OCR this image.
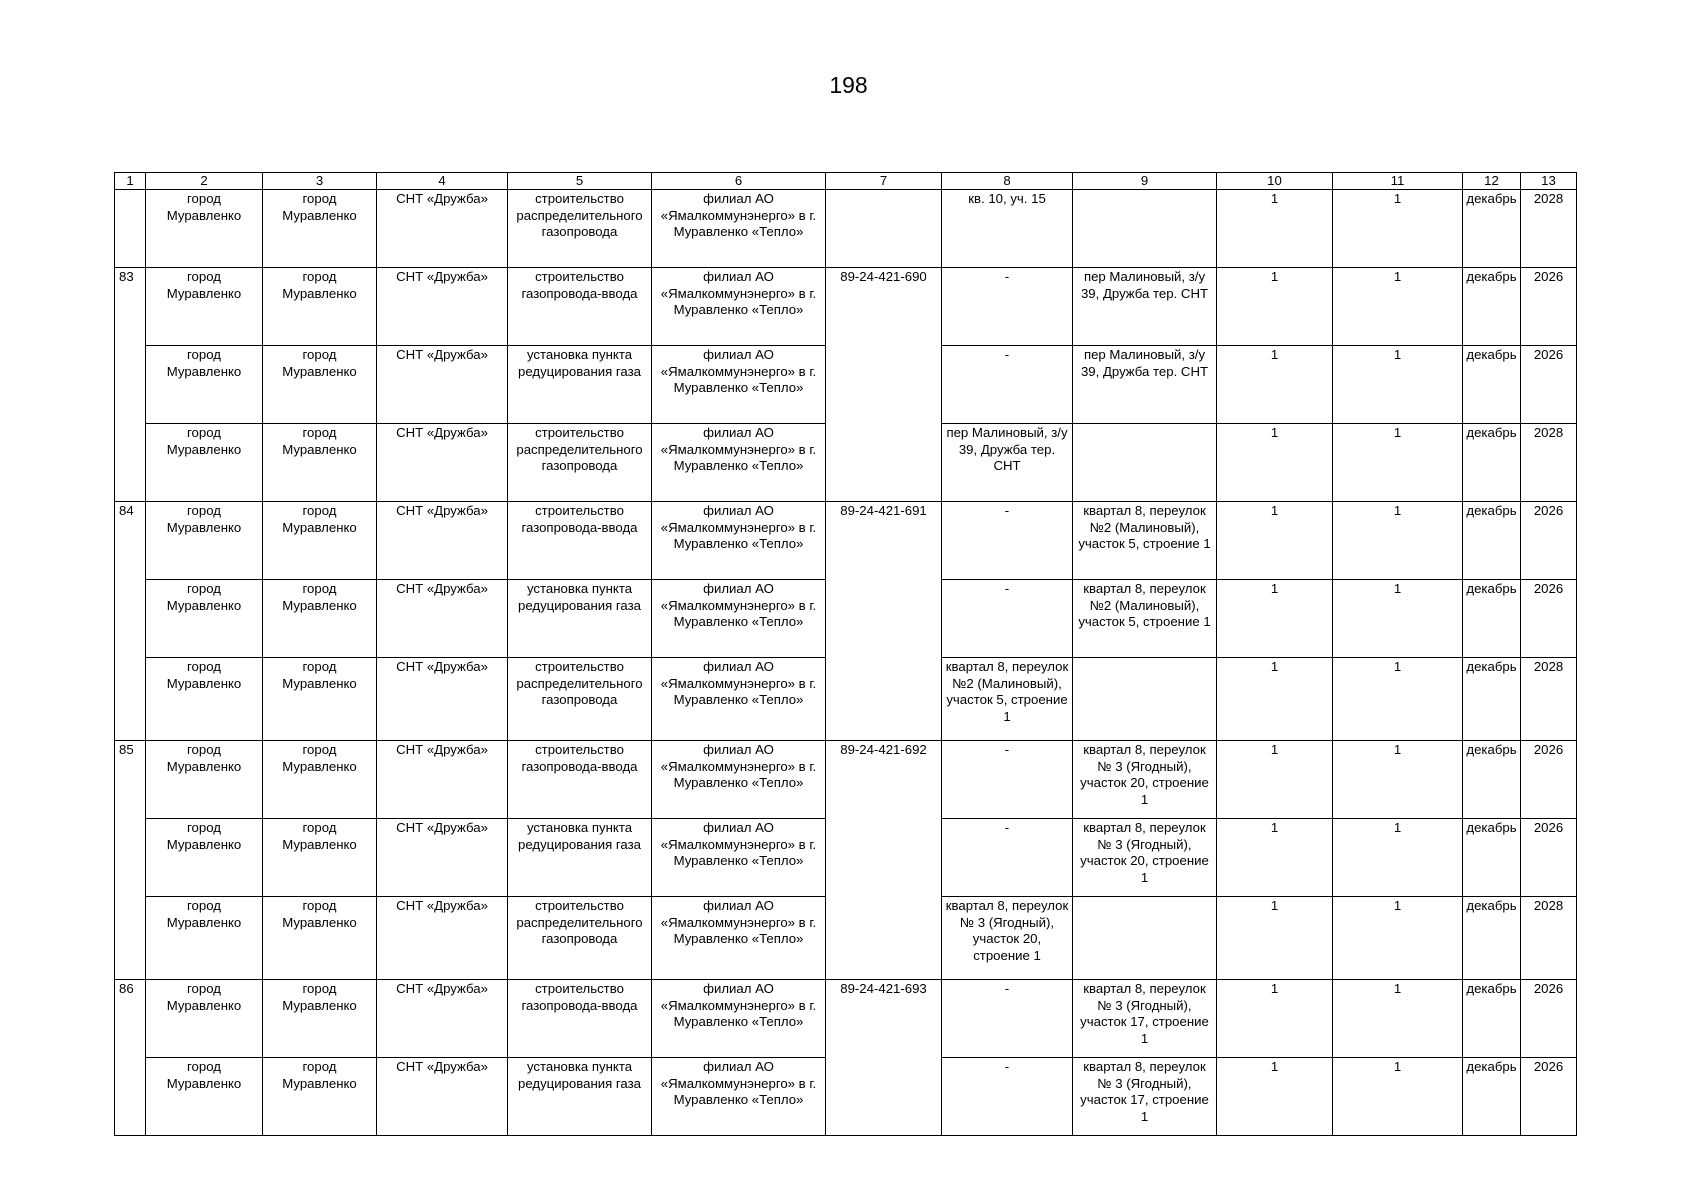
198
1	2	3	4	5	6	7	8	9	10	11	12	13
	город Муравленко	город Муравленко	СНТ «Дружба»	строительство распределительного газопровода	филиал АО «Ямалкоммунэнерго» в г. Муравленко «Тепло»		кв. 10, уч. 15		1	1	декабрь	2028
83	город Муравленко	город Муравленко	СНТ «Дружба»	строительство газопровода-ввода	филиал АО «Ямалкоммунэнерго» в г. Муравленко «Тепло»	89-24-421-690	-	пер Малиновый, з/у 39, Дружба тер. СНТ	1	1	декабрь	2026
	город Муравленко	город Муравленко	СНТ «Дружба»	установка пункта редуцирования газа	филиал АО «Ямалкоммунэнерго» в г. Муравленко «Тепло»		-	пер Малиновый, з/у 39, Дружба тер. СНТ	1	1	декабрь	2026
	город Муравленко	город Муравленко	СНТ «Дружба»	строительство распределительного газопровода	филиал АО «Ямалкоммунэнерго» в г. Муравленко «Тепло»		пер Малиновый, з/у 39, Дружба тер. СНТ		1	1	декабрь	2028
84	город Муравленко	город Муравленко	СНТ «Дружба»	строительство газопровода-ввода	филиал АО «Ямалкоммунэнерго» в г. Муравленко «Тепло»	89-24-421-691	-	квартал 8, переулок №2 (Малиновый), участок 5, строение 1	1	1	декабрь	2026
	город Муравленко	город Муравленко	СНТ «Дружба»	установка пункта редуцирования газа	филиал АО «Ямалкоммунэнерго» в г. Муравленко «Тепло»		-	квартал 8, переулок №2 (Малиновый), участок 5, строение 1	1	1	декабрь	2026
	город Муравленко	город Муравленко	СНТ «Дружба»	строительство распределительного газопровода	филиал АО «Ямалкоммунэнерго» в г. Муравленко «Тепло»		квартал 8, переулок №2 (Малиновый), участок 5, строение 1		1	1	декабрь	2028
85	город Муравленко	город Муравленко	СНТ «Дружба»	строительство газопровода-ввода	филиал АО «Ямалкоммунэнерго» в г. Муравленко «Тепло»	89-24-421-692	-	квартал 8, переулок № 3 (Ягодный), участок 20, строение 1	1	1	декабрь	2026
	город Муравленко	город Муравленко	СНТ «Дружба»	установка пункта редуцирования газа	филиал АО «Ямалкоммунэнерго» в г. Муравленко «Тепло»		-	квартал 8, переулок № 3 (Ягодный), участок 20, строение 1	1	1	декабрь	2026
	город Муравленко	город Муравленко	СНТ «Дружба»	строительство распределительного газопровода	филиал АО «Ямалкоммунэнерго» в г. Муравленко «Тепло»		квартал 8, переулок № 3 (Ягодный), участок 20, строение 1		1	1	декабрь	2028
86	город Муравленко	город Муравленко	СНТ «Дружба»	строительство газопровода-ввода	филиал АО «Ямалкоммунэнерго» в г. Муравленко «Тепло»	89-24-421-693	-	квартал 8, переулок № 3 (Ягодный), участок 17, строение 1	1	1	декабрь	2026
	город Муравленко	город Муравленко	СНТ «Дружба»	установка пункта редуцирования газа	филиал АО «Ямалкоммунэнерго» в г. Муравленко «Тепло»		-	квартал 8, переулок № 3 (Ягодный), участок 17, строение 1	1	1	декабрь	2026
